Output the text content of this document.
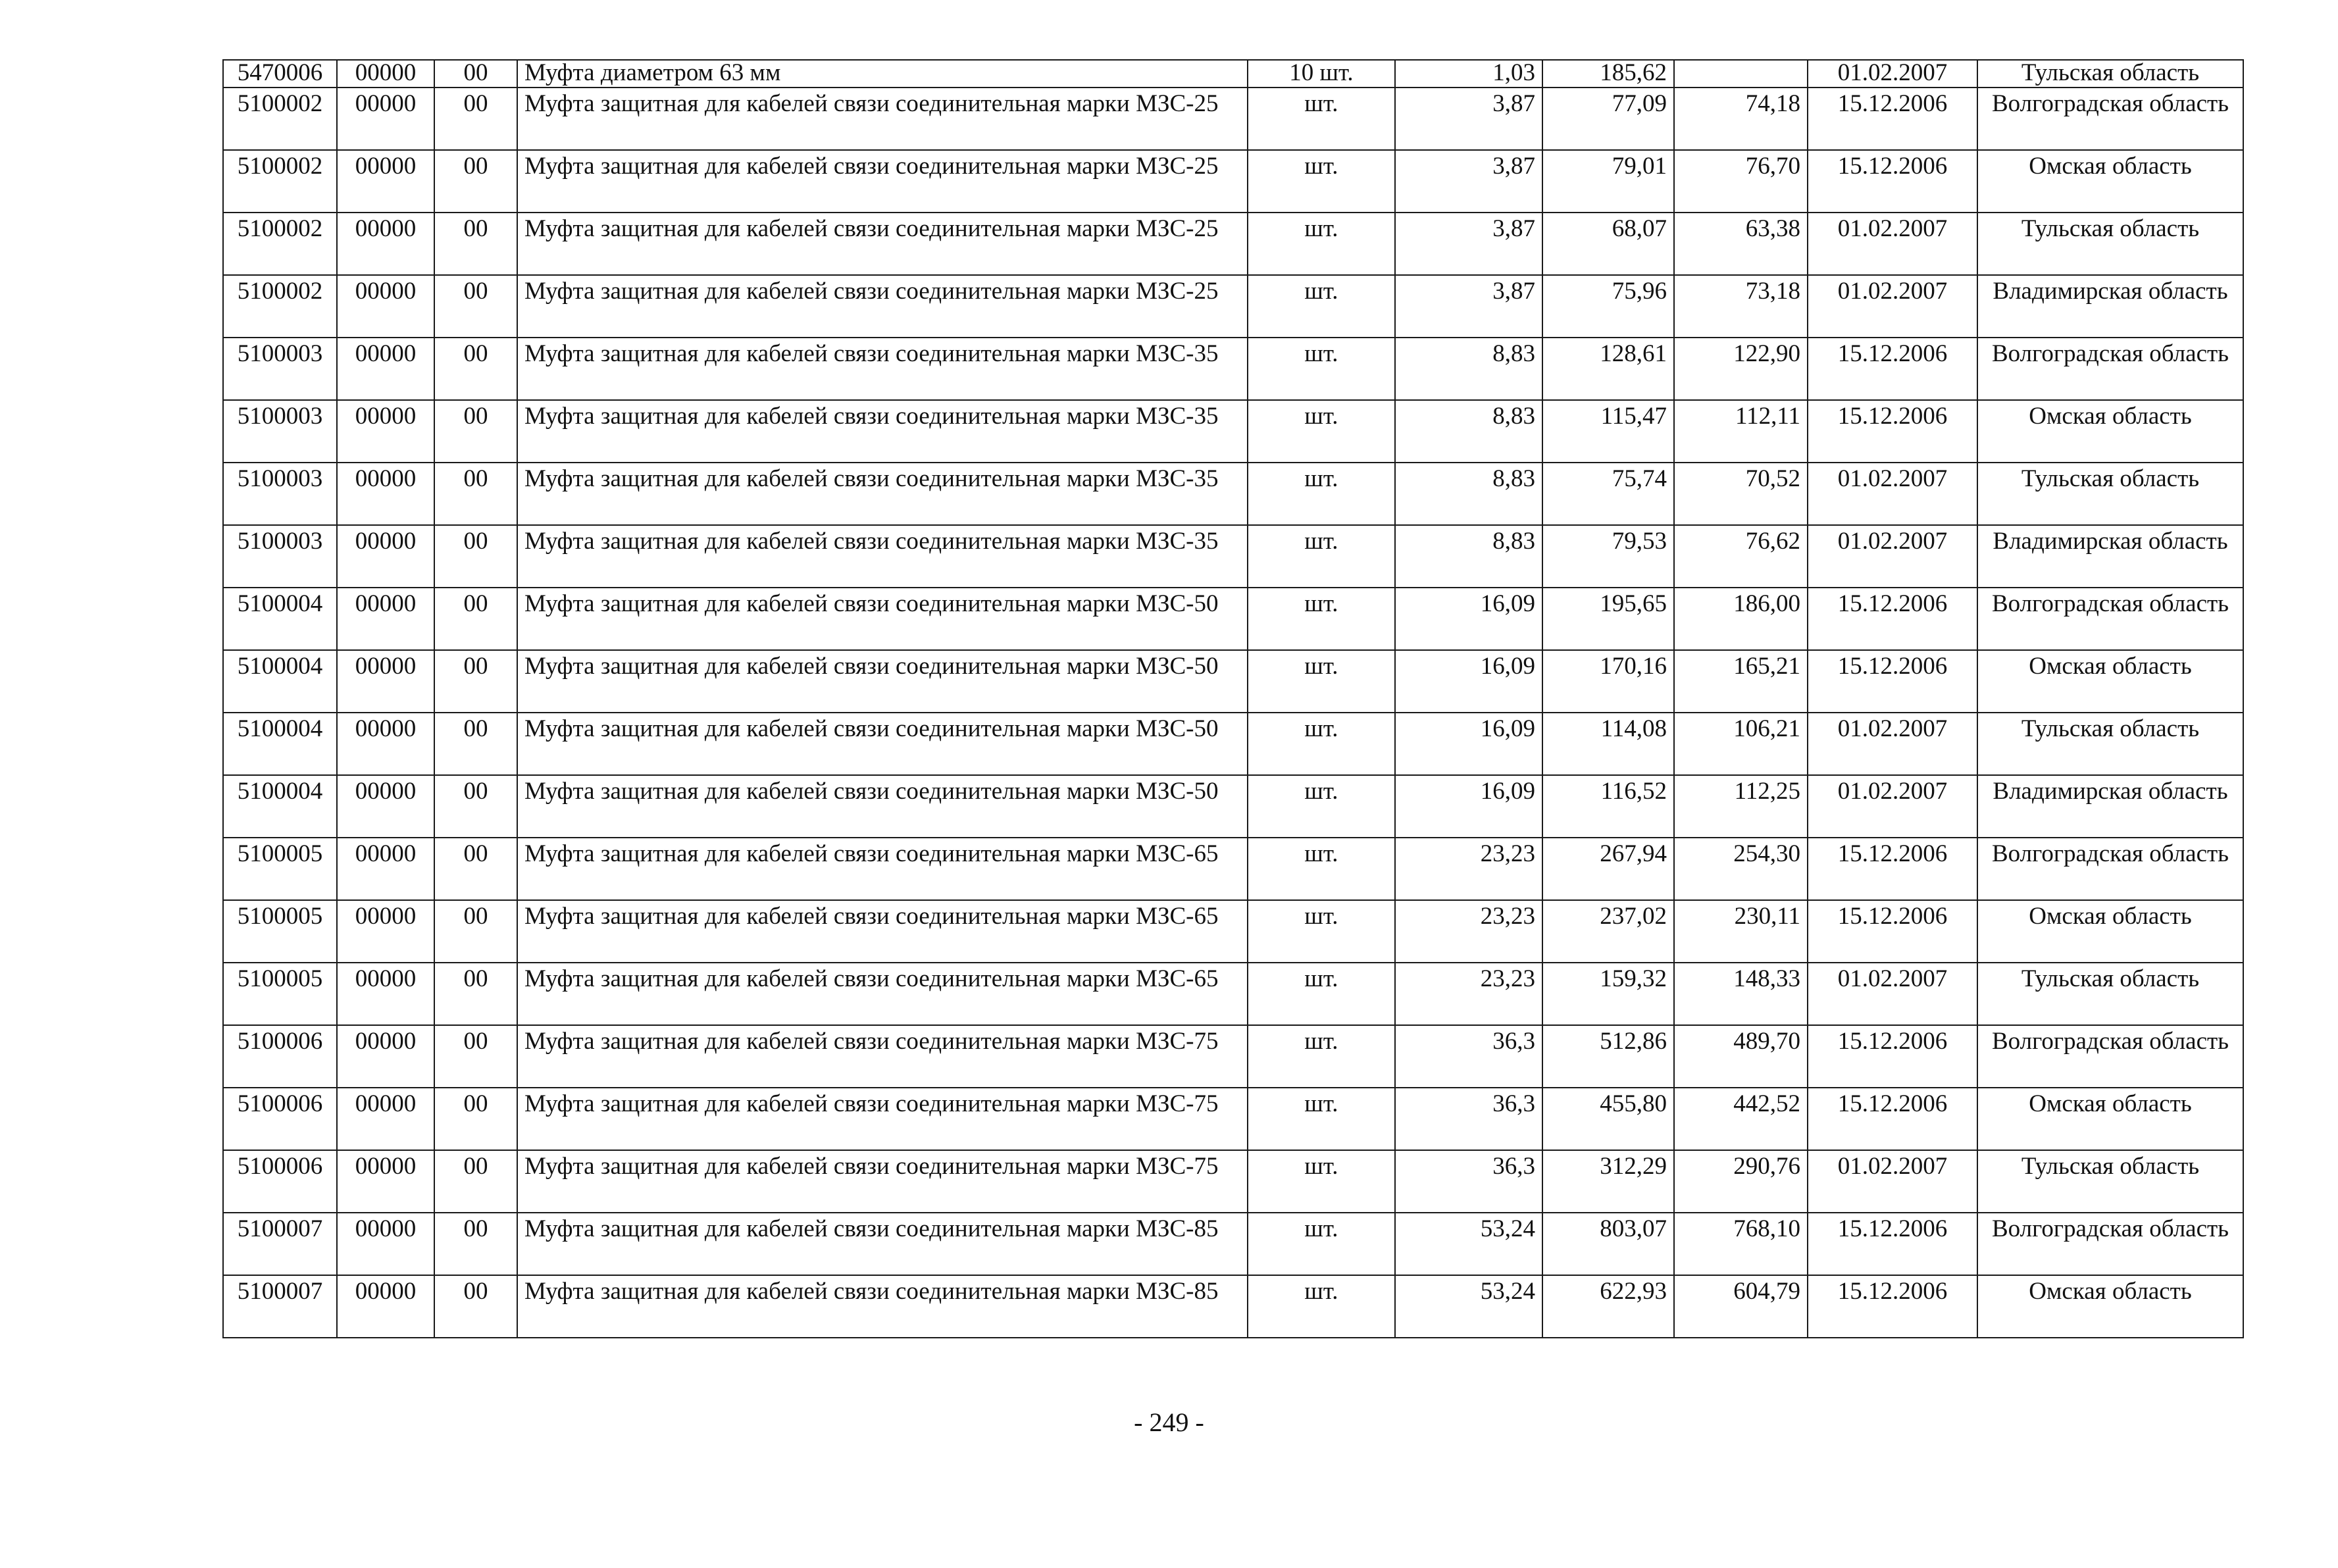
5470006	00000	00	Муфта диаметром 63 мм	10 шт.	1,03	185,62		01.02.2007	Тульская область
5100002	00000	00	Муфта защитная для кабелей связи соединительная марки МЗС-25	шт.	3,87	77,09	74,18	15.12.2006	Волгоградская область
5100002	00000	00	Муфта защитная для кабелей связи соединительная марки МЗС-25	шт.	3,87	79,01	76,70	15.12.2006	Омская область
5100002	00000	00	Муфта защитная для кабелей связи соединительная марки МЗС-25	шт.	3,87	68,07	63,38	01.02.2007	Тульская область
5100002	00000	00	Муфта защитная для кабелей связи соединительная марки МЗС-25	шт.	3,87	75,96	73,18	01.02.2007	Владимирская область
5100003	00000	00	Муфта защитная для кабелей связи соединительная марки МЗС-35	шт.	8,83	128,61	122,90	15.12.2006	Волгоградская область
5100003	00000	00	Муфта защитная для кабелей связи соединительная марки МЗС-35	шт.	8,83	115,47	112,11	15.12.2006	Омская область
5100003	00000	00	Муфта защитная для кабелей связи соединительная марки МЗС-35	шт.	8,83	75,74	70,52	01.02.2007	Тульская область
5100003	00000	00	Муфта защитная для кабелей связи соединительная марки МЗС-35	шт.	8,83	79,53	76,62	01.02.2007	Владимирская область
5100004	00000	00	Муфта защитная для кабелей связи соединительная марки МЗС-50	шт.	16,09	195,65	186,00	15.12.2006	Волгоградская область
5100004	00000	00	Муфта защитная для кабелей связи соединительная марки МЗС-50	шт.	16,09	170,16	165,21	15.12.2006	Омская область
5100004	00000	00	Муфта защитная для кабелей связи соединительная марки МЗС-50	шт.	16,09	114,08	106,21	01.02.2007	Тульская область
5100004	00000	00	Муфта защитная для кабелей связи соединительная марки МЗС-50	шт.	16,09	116,52	112,25	01.02.2007	Владимирская область
5100005	00000	00	Муфта защитная для кабелей связи соединительная марки МЗС-65	шт.	23,23	267,94	254,30	15.12.2006	Волгоградская область
5100005	00000	00	Муфта защитная для кабелей связи соединительная марки МЗС-65	шт.	23,23	237,02	230,11	15.12.2006	Омская область
5100005	00000	00	Муфта защитная для кабелей связи соединительная марки МЗС-65	шт.	23,23	159,32	148,33	01.02.2007	Тульская область
5100006	00000	00	Муфта защитная для кабелей связи соединительная марки МЗС-75	шт.	36,3	512,86	489,70	15.12.2006	Волгоградская область
5100006	00000	00	Муфта защитная для кабелей связи соединительная марки МЗС-75	шт.	36,3	455,80	442,52	15.12.2006	Омская область
5100006	00000	00	Муфта защитная для кабелей связи соединительная марки МЗС-75	шт.	36,3	312,29	290,76	01.02.2007	Тульская область
5100007	00000	00	Муфта защитная для кабелей связи соединительная марки МЗС-85	шт.	53,24	803,07	768,10	15.12.2006	Волгоградская область
5100007	00000	00	Муфта защитная для кабелей связи соединительная марки МЗС-85	шт.	53,24	622,93	604,79	15.12.2006	Омская область
- 249 -
